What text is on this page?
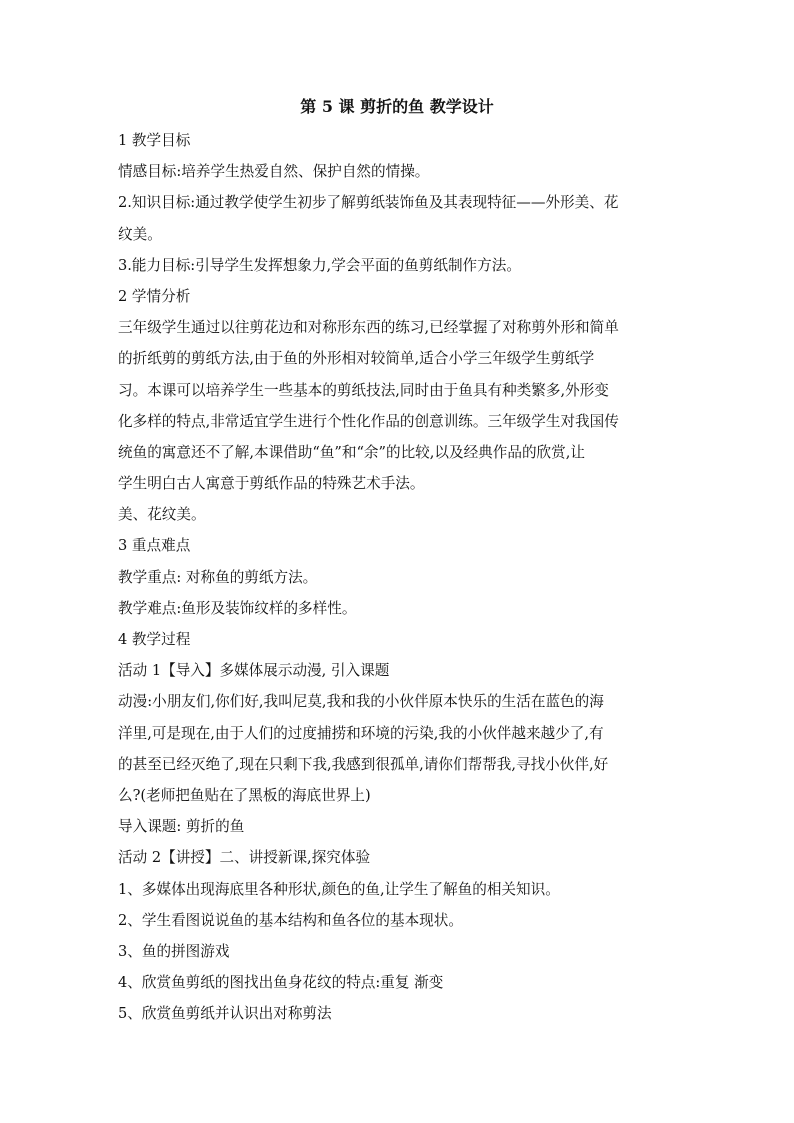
第 5 课 剪折的鱼 教学设计
1 教学目标
情感目标:培养学生热爱自然、保护自然的情操。
2.知识目标:通过教学使学生初步了解剪纸装饰鱼及其表现特征——外形美、花
纹美。
3.能力目标:引导学生发挥想象力,学会平面的鱼剪纸制作方法。
2 学情分析
三年级学生通过以往剪花边和对称形东西的练习,已经掌握了对称剪外形和简单
的折纸剪的剪纸方法,由于鱼的外形相对较简单,适合小学三年级学生剪纸学
习。本课可以培养学生一些基本的剪纸技法,同时由于鱼具有种类繁多,外形变
化多样的特点,非常适宜学生进行个性化作品的创意训练。三年级学生对我国传
统鱼的寓意还不了解,本课借助“鱼”和“余”的比较,以及经典作品的欣赏,让
学生明白古人寓意于剪纸作品的特殊艺术手法。
美、花纹美。
3 重点难点
教学重点: 对称鱼的剪纸方法。
教学难点:鱼形及装饰纹样的多样性。
4 教学过程
活动 1【导入】多媒体展示动漫, 引入课题
动漫:小朋友们,你们好,我叫尼莫,我和我的小伙伴原本快乐的生活在蓝色的海
洋里,可是现在,由于人们的过度捕捞和环境的污染,我的小伙伴越来越少了,有
的甚至已经灭绝了,现在只剩下我,我感到很孤单,请你们帮帮我,寻找小伙伴,好
么?(老师把鱼贴在了黑板的海底世界上)
导入课题: 剪折的鱼
活动 2【讲授】二、讲授新课,探究体验
1、多媒体出现海底里各种形状,颜色的鱼,让学生了解鱼的相关知识。
2、学生看图说说鱼的基本结构和鱼各位的基本现状。
3、鱼的拼图游戏
4、欣赏鱼剪纸的图找出鱼身花纹的特点:重复 渐变
5、欣赏鱼剪纸并认识出对称剪法
